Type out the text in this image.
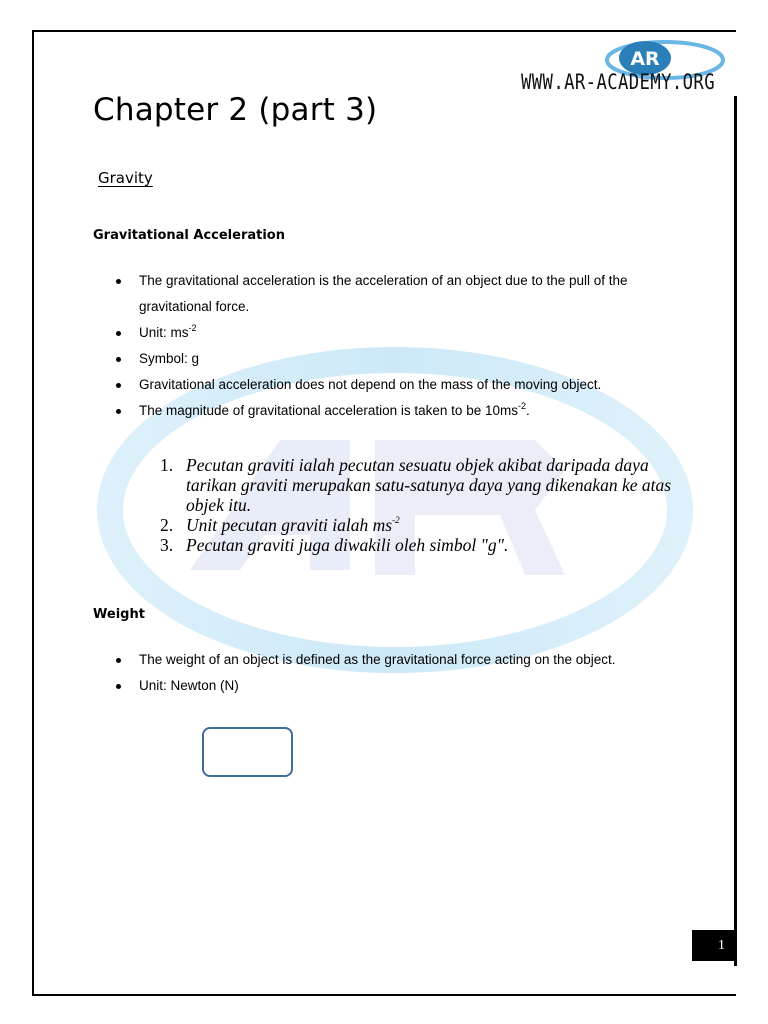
AR
WWW.AR-ACADEMY.ORG
Chapter 2 (part 3)
Gravity
Gravitational Acceleration
The gravitational acceleration is the acceleration of an object due to the pull of the gravitational force.
Unit: $ms^{-2}$
Symbol: g
Gravitational acceleration does not depend on the mass of the moving object.
The magnitude of gravitational acceleration is taken to be $10ms^{-2}$.
1. Pecutan graviti ialah pecutan sesuatu objek akibat daripada daya tarikan graviti merupakan satu-satunya daya yang dikenakan ke atas objek itu.
2. Unit pecutan graviti ialah $ms^{-2}$
3. Pecutan graviti juga diwakili oleh simbol "g".
Weight
The weight of an object is defined as the gravitational force acting on the object.
Unit: Newton (N)
1
